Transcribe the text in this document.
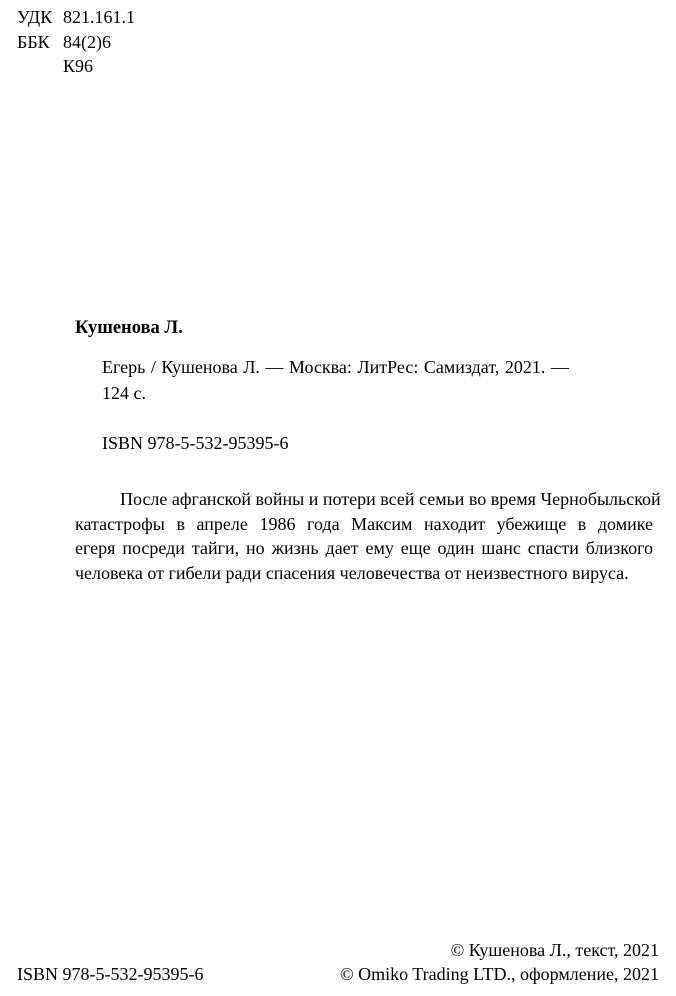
УДК 821.161.1
ББК 84(2)6
К96
Кушенова Л.
Егерь / Кушенова Л. — Москва: ЛитРес: Самиздат, 2021. —
124 с.
ISBN 978-5-532-95395-6
После афганской войны и потери всей семьи во время Чернобыльской
катастрофы в апреле 1986 года Максим находит убежище в домике
егеря посреди тайги, но жизнь дает ему еще один шанс спасти близкого
человека от гибели ради спасения человечества от неизвестного вируса.
ISBN 978-5-532-95395-6
© Кушенова Л., текст, 2021
© Omiko Trading LTD., оформление, 2021
